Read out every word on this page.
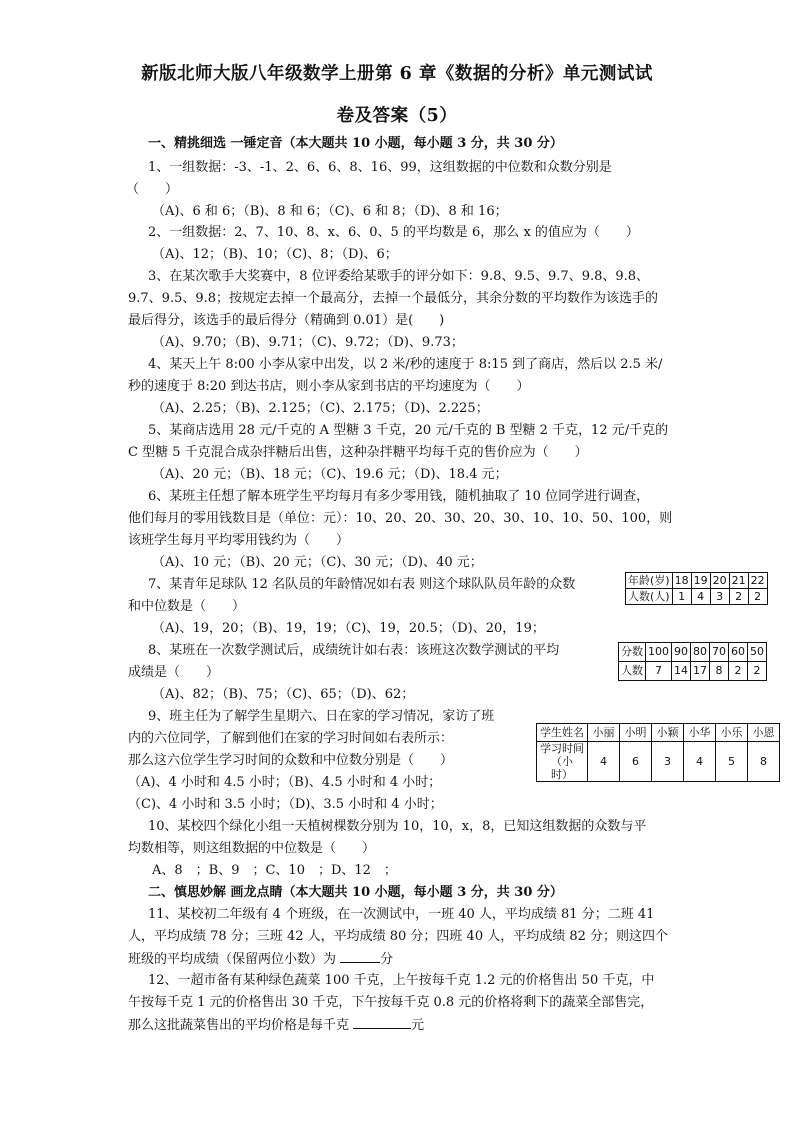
新版北师大版八年级数学上册第 6 章《数据的分析》单元测试试
卷及答案（5）
一、精挑细选 一锤定音（本大题共 10 小题，每小题 3 分，共 30 分）
1、一组数据：-3、-1、2、6、6、8、16、99，这组数据的中位数和众数分别是
（　　）
（A)、6 和 6；（B)、8 和 6；（C)、6 和 8；（D)、8 和 16；
2、一组数据：2、7、10、8、x、6、0、5 的平均数是 6，那么 x 的值应为（　　）
（A)、12；（B)、10；（C)、8；（D)、6；
3、在某次歌手大奖赛中，8 位评委给某歌手的评分如下：9.8、9.5、9.7、9.8、9.8、
9.7、9.5、9.8；按规定去掉一个最高分，去掉一个最低分，其余分数的平均数作为该选手的
最后得分，该选手的最后得分（精确到 0.01）是(　　)
（A)、9.70；（B)、9.71；（C)、9.72；（D)、9.73；
4、某天上午 8:00 小李从家中出发，以 2 米/秒的速度于 8:15 到了商店，然后以 2.5 米/
秒的速度于 8:20 到达书店，则小李从家到书店的平均速度为（　　）
（A)、2.25；（B)、2.125；（C)、2.175；（D)、2.225；
5、某商店选用 28 元/千克的 A 型糖 3 千克，20 元/千克的 B 型糖 2 千克，12 元/千克的
C 型糖 5 千克混合成杂拌糖后出售，这种杂拌糖平均每千克的售价应为（　　）
（A)、20 元；（B)、18 元；（C)、19.6 元；（D)、18.4 元；
6、某班主任想了解本班学生平均每月有多少零用钱，随机抽取了 10 位同学进行调查，
他们每月的零用钱数目是（单位：元）：10、20、20、30、20、30、10、10、50、100，则
该班学生每月平均零用钱约为（　　）
（A)、10 元；（B)、20 元；（C)、30 元；（D)、40 元；
7、某青年足球队 12 名队员的年龄情况如右表 则这个球队队员年龄的众数
和中位数是（　　）
（A)、19，20；（B)、19，19；（C)、19，20.5；（D)、20，19；
年龄(岁)	18	19	20	21	22
人数(人)	1	4	3	2	2
8、某班在一次数学测试后，成绩统计如右表：该班这次数学测试的平均
成绩是（　　）
（A)、82；（B)、75；（C)、65；（D)、62；
分数	100	90	80	70	60	50
人数	7	14	17	8	2	2
9、班主任为了解学生星期六、日在家的学习情况，家访了班
内的六位同学，了解到他们在家的学习时间如右表所示：
那么这六位学生学习时间的众数和中位数分别是（　　）
（A)、4 小时和 4.5 小时；（B)、4.5 小时和 4 小时；
（C)、4 小时和 3.5 小时；（D)、3.5 小时和 4 小时；
学生姓名	小丽	小明	小颖	小华	小乐	小恩
学习时间（小　时）	4	6	3	4	5	8
10、某校四个绿化小组一天植树棵数分别为 10，10，x，8，已知这组数据的众数与平
均数相等，则这组数据的中位数是（　　）
A、8　；B、9　；C、10　；D、12　；
二、慎思妙解 画龙点睛（本大题共 10 小题，每小题 3 分，共 30 分）
11、某校初二年级有 4 个班级，在一次测试中，一班 40 人，平均成绩 81 分；二班 41
人，平均成绩 78 分；三班 42 人，平均成绩 80 分；四班 40 人，平均成绩 82 分；则这四个
班级的平均成绩（保留两位小数）为	分
12、一超市备有某种绿色蔬菜 100 千克，上午按每千克 1.2 元的价格售出 50 千克，中
午按每千克 1 元的价格售出 30 千克，下午按每千克 0.8 元的价格将剩下的蔬菜全部售完，
那么这批蔬菜售出的平均价格是每千克	元
